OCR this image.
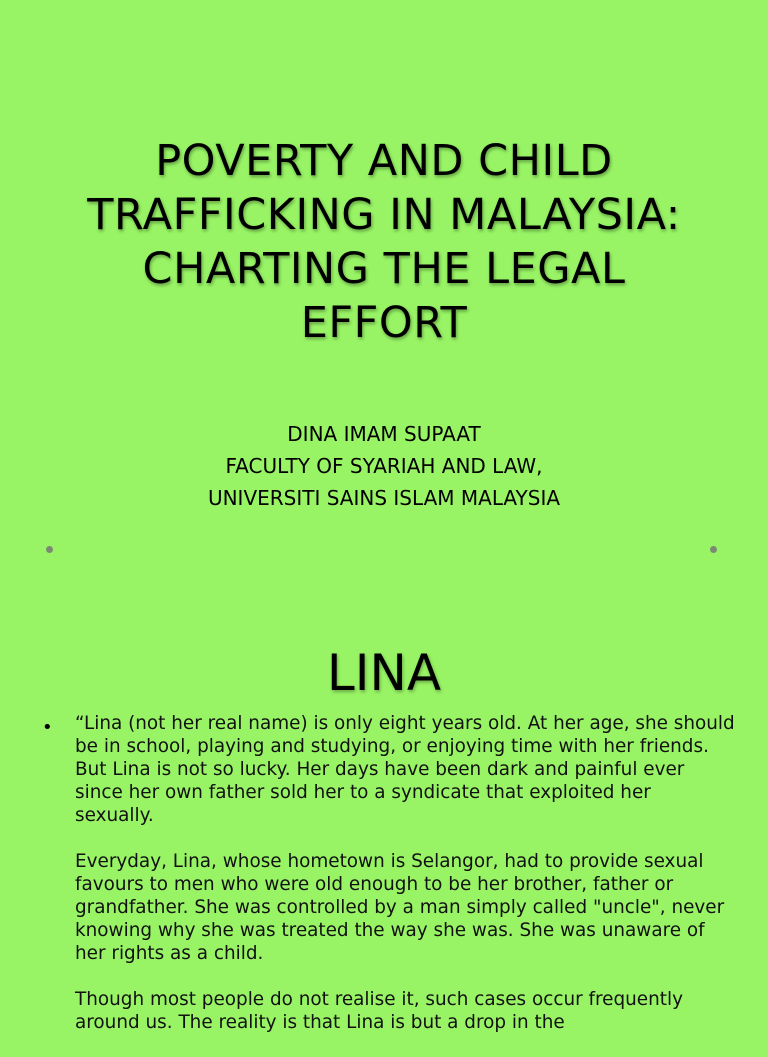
POVERTY AND CHILD
TRAFFICKING IN MALAYSIA:
CHARTING THE LEGAL
EFFORT
DINA IMAM SUPAAT
FACULTY OF SYARIAH AND LAW,
UNIVERSITI SAINS ISLAM MALAYSIA
LINA
• “Lina (not her real name) is only eight years old. At her age, she should be in school, playing and studying, or enjoying time with her friends. But Lina is not so lucky. Her days have been dark and painful ever since her own father sold her to a syndicate that exploited her sexually.

Everyday, Lina, whose hometown is Selangor, had to provide sexual favours to men who were old enough to be her brother, father or grandfather. She was controlled by a man simply called "uncle", never knowing why she was treated the way she was. She was unaware of her rights as a child.

Though most people do not realise it, such cases occur frequently around us. The reality is that Lina is but a drop in the
